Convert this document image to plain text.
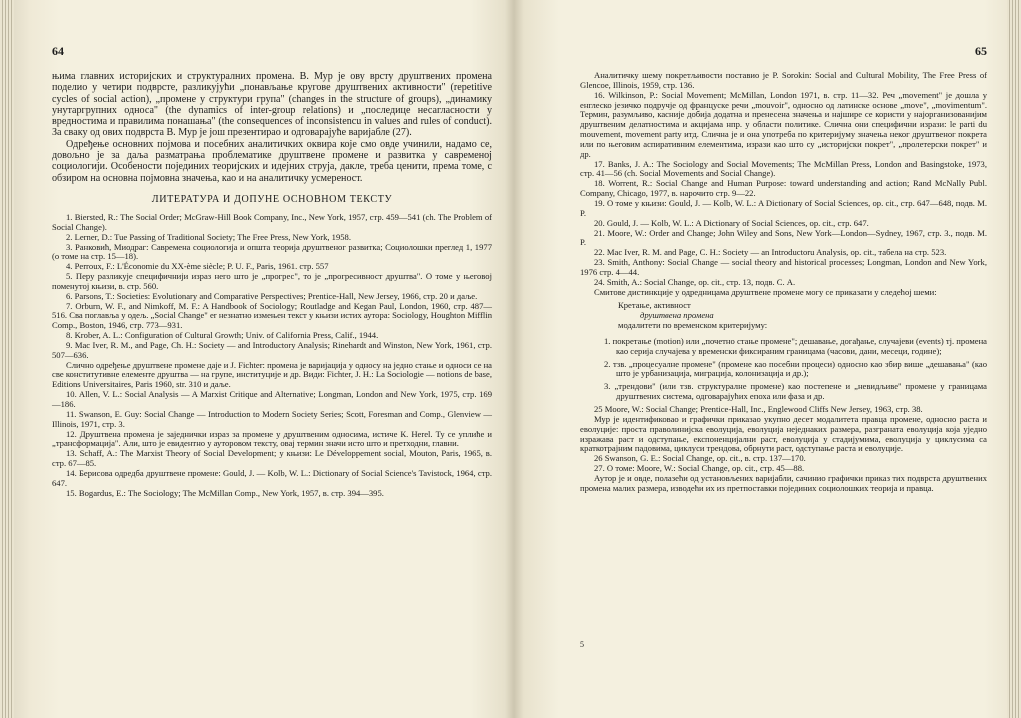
64

њима главних историјских и структуралних промена. В. Мур је ову врсту друштвених промена поделио у четири подврсте, разликујући „понављање кругове друштвених активности" (repetitive cycles of social action), „промене у структури група" (changes in the structure of groups), „динамику унутаргрупних односа" (the dynamics of inter-group relations) и „последице несагласности у вредностима и правилима понашања" (the consequences of inconsistencu in values and rules of conduct). За свaку од ових подврста В. Мур је још презентирао и одговарајуће варијабле (27).

Одређење основних појмова и посебних аналитичких оквира које смо овде учинили, надамо се, довољно је за даља разматрања проблематике друштвене промене и развитка у савременој социологији. Особености појединих теоријских и идејних струја, дакле, треба ценити, према томе, с обзиром на основна појмовна значења, као и на аналитичку усмереност.

ЛИТЕРАТУРА И ДОПУНЕ ОСНОВНОМ ТЕКСТУ

1. Biersted, R.: The Social Order; McGraw-Hill Book Company, Inc., New York, 1957, стр. 459—541 (ch. The Problem of Social Change).

2. Lerner, D.: Tue Passing of Traditional Society; The Free Press, New York, 1958.

3. Ранковић, Миодраг: Савремена социологија и општа теорија друштвеног развитка; Социолошки преглед 1, 1977 (о томе на стр. 15—18).

4. Perroux, F.: L'Économie du XX-ème siècle; P. U. F., Paris, 1961. стр. 557

5. Перу разликује специфичнији израз него што је „прогрес", то је „прогресивност друштва". О томе у његовој поменутој књизи, в. стр. 560.

6. Parsons, T.: Societies: Evolutionary and Comparative Perspectives; Prentice-Hall, New Jersey, 1966, стр. 20 и даље.

7. Orburn, W. F., and Nimkoff, M. F.: A Handbook of Sociology; Routladge and Kegan Paul, London, 1960, стр. 487—516. Сва поглавља у одељ. „Social Change" er незнатно измењен текст у књизи истих аутора: Sociology, Houghton Mifflin Comp., Boston, 1946, стр. 773—931.

8. Krober, A. L.: Configuration of Cultural Growth; Univ. of California Press, Calif., 1944.

9. Mac Iver, R. M., and Page, Ch. H.: Society — and Introductory Analysis; Rinehardt and Winston, New York, 1961, стр. 507—636.

Слично одређење друштвене промене даје и J. Fichter: промена је варијација у односу на једно стање и односи се на све конститутивне елементе друштва — на групе, институције и др. Види: Fichter, J. H.: La Sociologie — notions de base, Editions Universitaires, Paris 1960, str. 310 и даље.

10. Allen, V. L.: Social Analysis — A Marxist Critique and Alternative; Longman, London and New York, 1975, стр. 169—186.

11. Swanson, E. Guy: Social Change — Introduction to Modern Society Series; Scott, Foresman and Comp., Glenview — Illinois, 1971, стр. 3.

12. Друштвена промена је заједнички израз за промене у друштвеним односима, истиче К. Herel. Ту се уплиће и „трансформација". Али, што је евидентно у ауторовом тексту, овај термин значи исто што и претходни, главни.

13. Schaff, A.: The Marxist Theory of Social Development; у књизи: Le Développement social, Mouton, Paris, 1965, в. стр. 67—85.

14. Берисова одредба друштвене промене: Gould, J. — Kolb, W. L.: Dictionary of Social Science's Tavistock, 1964, стр. 647.

15. Bogardus, E.: The Sociology; The McMillan Comp., New York, 1957, в. стр. 394—395.

65

Аналитичку шему покретљивости поставио је P. Sorokin: Social and Cultural Mobility, The Free Press of Glencoe, Illinois, 1959, стр. 136.

16. Wilkinson, P.: Social Movement; McMillan, London 1971, в. стр. 11—32. Реч „movement" је дошла у енглеско језичко подручје од француске речи „mouvoir", односно од латинске основе „move", „movimentum". Термин, разумљиво, касније добија додатна и пренесена значења и најшире се користи у најорганизованијим друштвеним делатностима и акцијама нпр. у области политике. Слична они специфични изрази: le parti du mouvement, movement party итд. Слична је и она употреба по критеријуму значења неког друштвеног покрета или по његовим аспиративним елементима, изрази као што су „историјски покрет", „пролетерски покрет" и др.

17. Banks, J. A.: The Sociology and Social Movements; The McMillan Press, London and Basingstoke, 1973, стр. 41—56 (ch. Social Movements and Social Change).

18. Worrent, R.: Social Change and Human Purpose: toward understanding and action; Rand McNally Publ. Company, Chicago, 1977, в. нарочито стр. 9—22.

19. О томе у књизи: Gould, J. — Kolb, W. L.: A Dictionary of Social Sciences, op. cit., стр. 647—648, подв. M. P.

20. Gould, J. — Kolb, W. L.: A Dictionary of Social Sciences, op. cit., стр. 647.

21. Moore, W.: Order and Change; John Wiley and Sons, New York—London—Sydney, 1967, стр. 3., подв. M. P.

22. Mac Iver, R. M. and Page, C. H.: Society — an Introductoru Analysis, op. cit., табела на стр. 523.

23. Smith, Anthony: Social Change — social theory and historical processes; Longman, London and New York, 1976 стр. 4—44.

24. Smith, A.: Social Change, op. cit., стр. 13, подв. С. А.

Смитове дистинкције у одредницама друштвене промене могу се приказати у следећој шеми:

Кретање, активност

друштвена промена

модалитети по временском критеријуму:

1. покретање (motion) или „почетно стање промене"; дешавање, догађање, случајеви (events) тј. промена као серија случајева у временски фиксираним границама (часови, дани, месеци, године);

2. тзв. „процесуалне промене" (промене као посебни процеси) односно као збир више „дешавања" (као што је урбанизација, миграција, колонизација и др.);

3. „трендови" (или тзв. структуралне промене) као постепене и „невидљиве" промене у границама друштвених система, одговарајућих епоха или фаза и др.

25 Moore, W.: Social Change; Prentice-Hall, Inc., Englewood Cliffs New Jersey, 1963, стр. 38.

Мур је идентификовао и графички приказао укупно десет модалитета правца промене, односно раста и еволуције: проста праволинијска еволуција, еволуција неједнаких размера, разграната еволуција која уједно изражава раст и одступање, експоненцијални раст, еволуција у стадијумима, еволуција у циклусима са краткотрајним падовима, циклуси трендова, обрнути раст, одступање раста и еволуције.

26 Swanson, G. E.: Social Change, op. cit., в. стр. 137—170.

27. О томе: Moore, W.: Social Change, op. cit., стр. 45—88.

Аутор је и овде, полазећи од установљених варијабли, сачинио графички приказ тих подврста друштвених промена малих размера, изводећи их из претпоставки појединих социолошких теорија и правца.

5
